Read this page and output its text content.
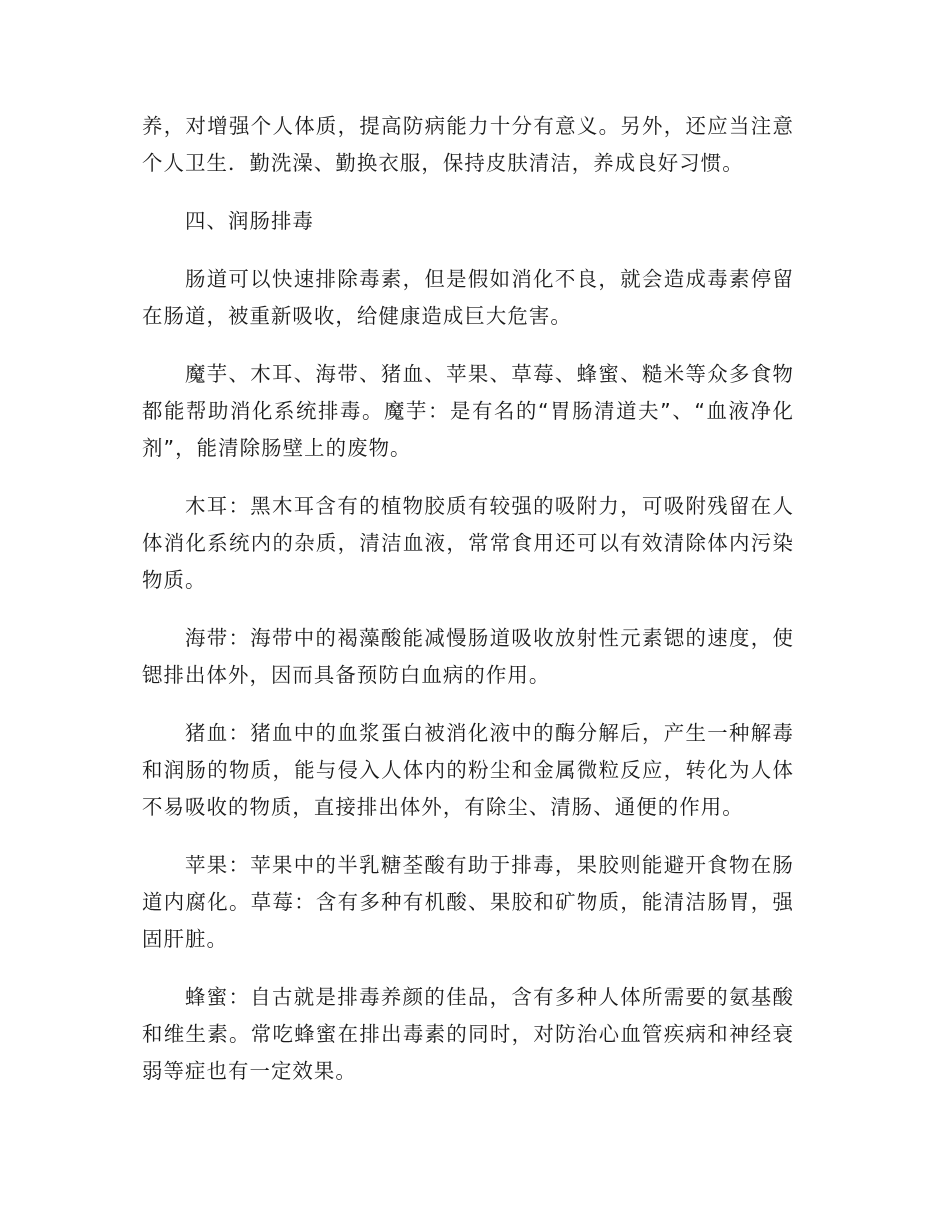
养，对增强个人体质，提高防病能力十分有意义。另外，还应当注意个人卫生．勤洗澡、勤换衣服，保持皮肤清洁，养成良好习惯。

四、润肠排毒

肠道可以快速排除毒素，但是假如消化不良，就会造成毒素停留在肠道，被重新吸收，给健康造成巨大危害。

魔芋、木耳、海带、猪血、苹果、草莓、蜂蜜、糙米等众多食物都能帮助消化系统排毒。魔芋：是有名的“胃肠清道夫”、“血液净化剂”，能清除肠壁上的废物。

木耳：黑木耳含有的植物胶质有较强的吸附力，可吸附残留在人体消化系统内的杂质，清洁血液，常常食用还可以有效清除体内污染物质。

海带：海带中的褐藻酸能减慢肠道吸收放射性元素锶的速度，使锶排出体外，因而具备预防白血病的作用。

猪血：猪血中的血浆蛋白被消化液中的酶分解后，产生一种解毒和润肠的物质，能与侵入人体内的粉尘和金属微粒反应，转化为人体不易吸收的物质，直接排出体外，有除尘、清肠、通便的作用。

苹果：苹果中的半乳糖荃酸有助于排毒，果胶则能避开食物在肠道内腐化。草莓：含有多种有机酸、果胶和矿物质，能清洁肠胃，强固肝脏。

蜂蜜：自古就是排毒养颜的佳品，含有多种人体所需要的氨基酸和维生素。常吃蜂蜜在排出毒素的同时，对防治心血管疾病和神经衰弱等症也有一定效果。
